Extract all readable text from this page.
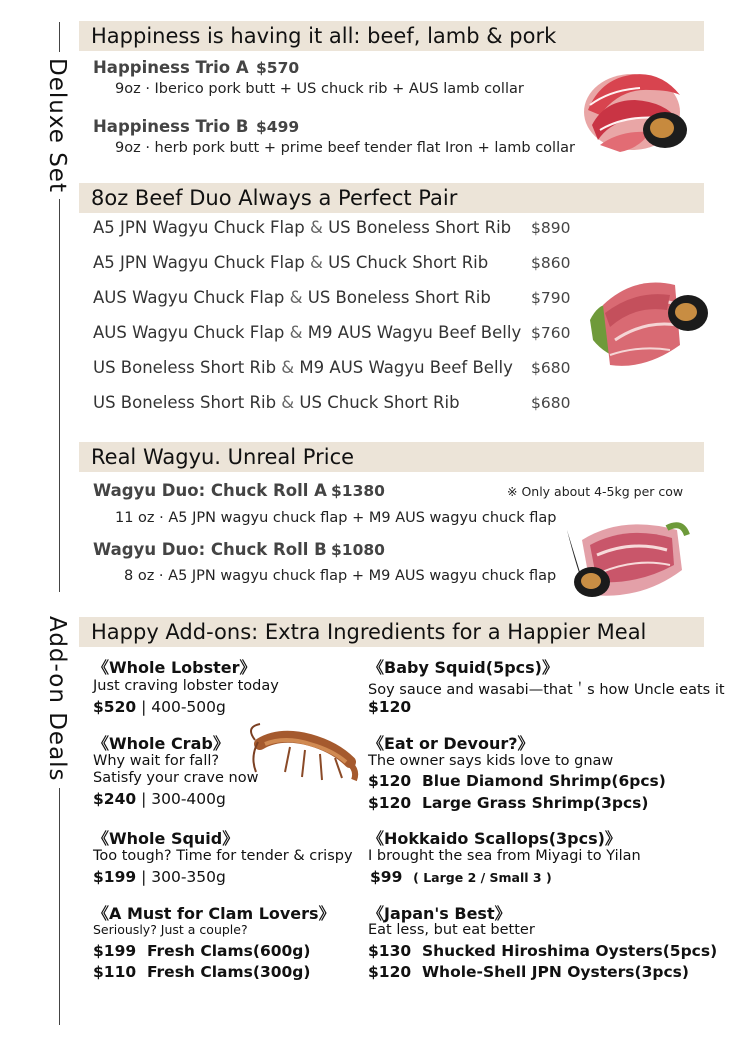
Deluxe Set
Add-on Deals
Happiness is having it all: beef, lamb & pork
Happiness Trio A $570
9oz · Iberico pork butt + US chuck rib + AUS lamb collar
Happiness Trio B $499
9oz · herb pork butt + prime beef tender flat Iron + lamb collar
8oz Beef Duo Always a Perfect Pair
A5 JPN Wagyu Chuck Flap & US Boneless Short Rib $890
A5 JPN Wagyu Chuck Flap & US Chuck Short Rib	$860
AUS Wagyu Chuck Flap & US Boneless Short Rib	$790
AUS Wagyu Chuck Flap & M9 AUS Wagyu Beef Belly $760
US Boneless Short Rib & M9 AUS Wagyu Beef Belly $680
US Boneless Short Rib & US Chuck Short Rib	$680
Real Wagyu. Unreal Price
Wagyu Duo: Chuck Roll A $1380	※ Only about 4-5kg per cow
11 oz · A5 JPN wagyu chuck flap + M9 AUS wagyu chuck flap
Wagyu Duo: Chuck Roll B $1080
8 oz · A5 JPN wagyu chuck flap + M9 AUS wagyu chuck flap
Happy Add-ons: Extra Ingredients for a Happier Meal
《Whole Lobster》
Just craving lobster today
$520 | 400-500g
《Whole Crab》
Why wait for fall?
Satisfy your crave now
$240 | 300-400g
《Whole Squid》
Too tough? Time for tender & crispy
$199 | 300-350g
《A Must for Clam Lovers》
Seriously? Just a couple?
$199 Fresh Clams(600g)
$110 Fresh Clams(300g)
《Baby Squid(5pcs)》
Soy sauce and wasabi—that＇s how Uncle eats it
$120
《Eat or Devour?》
The owner says kids love to gnaw
$120 Blue Diamond Shrimp(6pcs)
$120 Large Grass Shrimp(3pcs)
《Hokkaido Scallops(3pcs)》
I brought the sea from Miyagi to Yilan
$99 ( Large 2 / Small 3 )
《Japan's Best》
Eat less, but eat better
$130 Shucked Hiroshima Oysters(5pcs)
$120 Whole-Shell JPN Oysters(3pcs)
